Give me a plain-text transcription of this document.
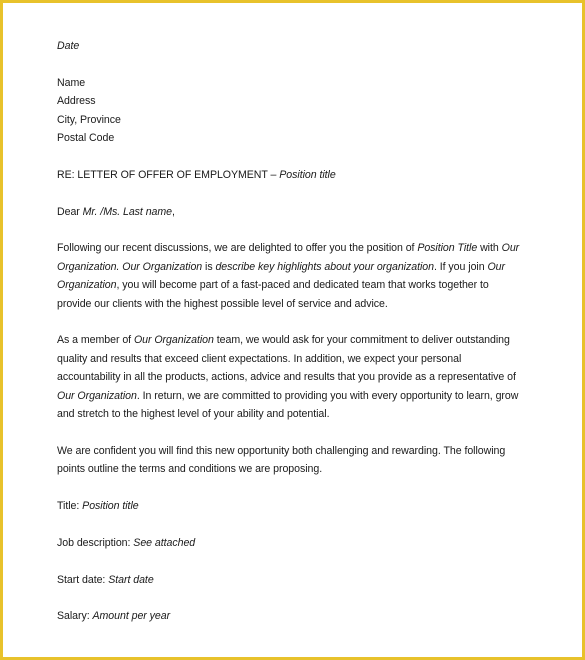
Date
Name
Address
City, Province
Postal Code
RE: LETTER OF OFFER OF EMPLOYMENT – Position title
Dear Mr. /Ms. Last name,
Following our recent discussions, we are delighted to offer you the position of Position Title with Our
Organization. Our Organization is describe key highlights about your organization. If you join Our
Organization, you will become part of a fast-paced and dedicated team that works together to
provide our clients with the highest possible level of service and advice.
As a member of Our Organization team, we would ask for your commitment to deliver outstanding
quality and results that exceed client expectations. In addition, we expect your personal
accountability in all the products, actions, advice and results that you provide as a representative of
Our Organization. In return, we are committed to providing you with every opportunity to learn, grow
and stretch to the highest level of your ability and potential.
We are confident you will find this new opportunity both challenging and rewarding. The following
points outline the terms and conditions we are proposing.
Title: Position title
Job description: See attached
Start date: Start date
Salary: Amount per year
